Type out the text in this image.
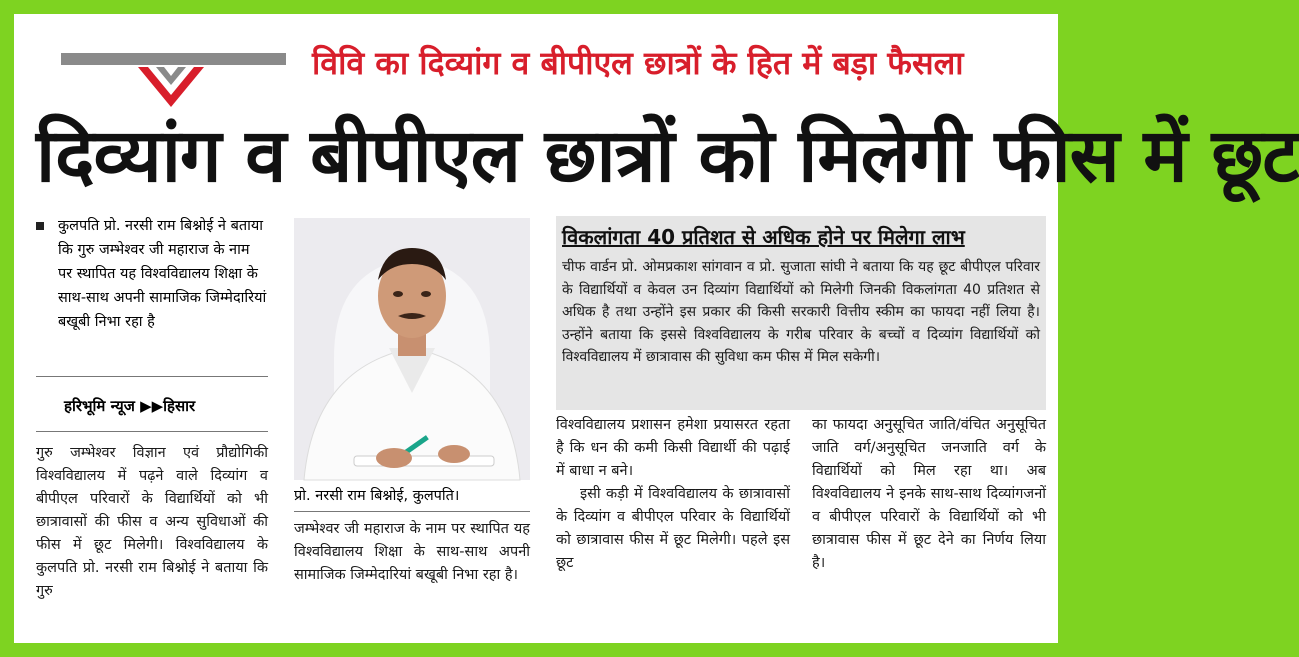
विवि का दिव्यांग व बीपीएल छात्रों के हित में बड़ा फैसला
दिव्यांग व बीपीएल छात्रों को मिलेगी फीस में छूट
कुलपति प्रो. नरसी राम बिश्नोई ने बताया कि गुरु जम्भेश्वर जी महाराज के नाम पर स्थापित यह विश्वविद्यालय शिक्षा के साथ-साथ अपनी सामाजिक जिम्मेदारियां बखूबी निभा रहा है
हरिभूमि न्यूज ▶▶हिसार
गुरु जम्भेश्वर विज्ञान एवं प्रौद्योगिकी विश्वविद्यालय में पढ़ने वाले दिव्यांग व बीपीएल परिवारों के विद्यार्थियों को भी छात्रावासों की फीस व अन्य सुविधाओं की फीस में छूट मिलेगी। विश्वविद्यालय के कुलपति प्रो. नरसी राम बिश्नोई ने बताया कि गुरु
प्रो. नरसी राम बिश्नोई, कुलपति।
जम्भेश्वर जी महाराज के नाम पर स्थापित यह विश्वविद्यालय शिक्षा के साथ-साथ अपनी सामाजिक जिम्मेदारियां बखूबी निभा रहा है।
विकलांगता 40 प्रतिशत से अधिक होने पर मिलेगा लाभ
चीफ वार्डन प्रो. ओमप्रकाश सांगवान व प्रो. सुजाता सांघी ने बताया कि यह छूट बीपीएल परिवार के विद्यार्थियों व केवल उन दिव्यांग विद्यार्थियों को मिलेगी जिनकी विकलांगता 40 प्रतिशत से अधिक है तथा उन्होंने इस प्रकार की किसी सरकारी वित्तीय स्कीम का फायदा नहीं लिया है। उन्होंने बताया कि इससे विश्वविद्यालय के गरीब परिवार के बच्चों व दिव्यांग विद्यार्थियों को विश्वविद्यालय में छात्रावास की सुविधा कम फीस में मिल सकेगी।
विश्वविद्यालय प्रशासन हमेशा प्रयासरत रहता है कि धन की कमी किसी विद्यार्थी की पढ़ाई में बाधा न बने।
इसी कड़ी में विश्वविद्यालय के छात्रावासों के दिव्यांग व बीपीएल परिवार के विद्यार्थियों को छात्रावास फीस में छूट मिलेगी। पहले इस छूट
का फायदा अनुसूचित जाति/वंचित अनुसूचित जाति वर्ग/अनुसूचित जनजाति वर्ग के विद्यार्थियों को मिल रहा था। अब विश्वविद्यालय ने इनके साथ-साथ दिव्यांगजनों व बीपीएल परिवारों के विद्यार्थियों को भी छात्रावास फीस में छूट देने का निर्णय लिया है।
